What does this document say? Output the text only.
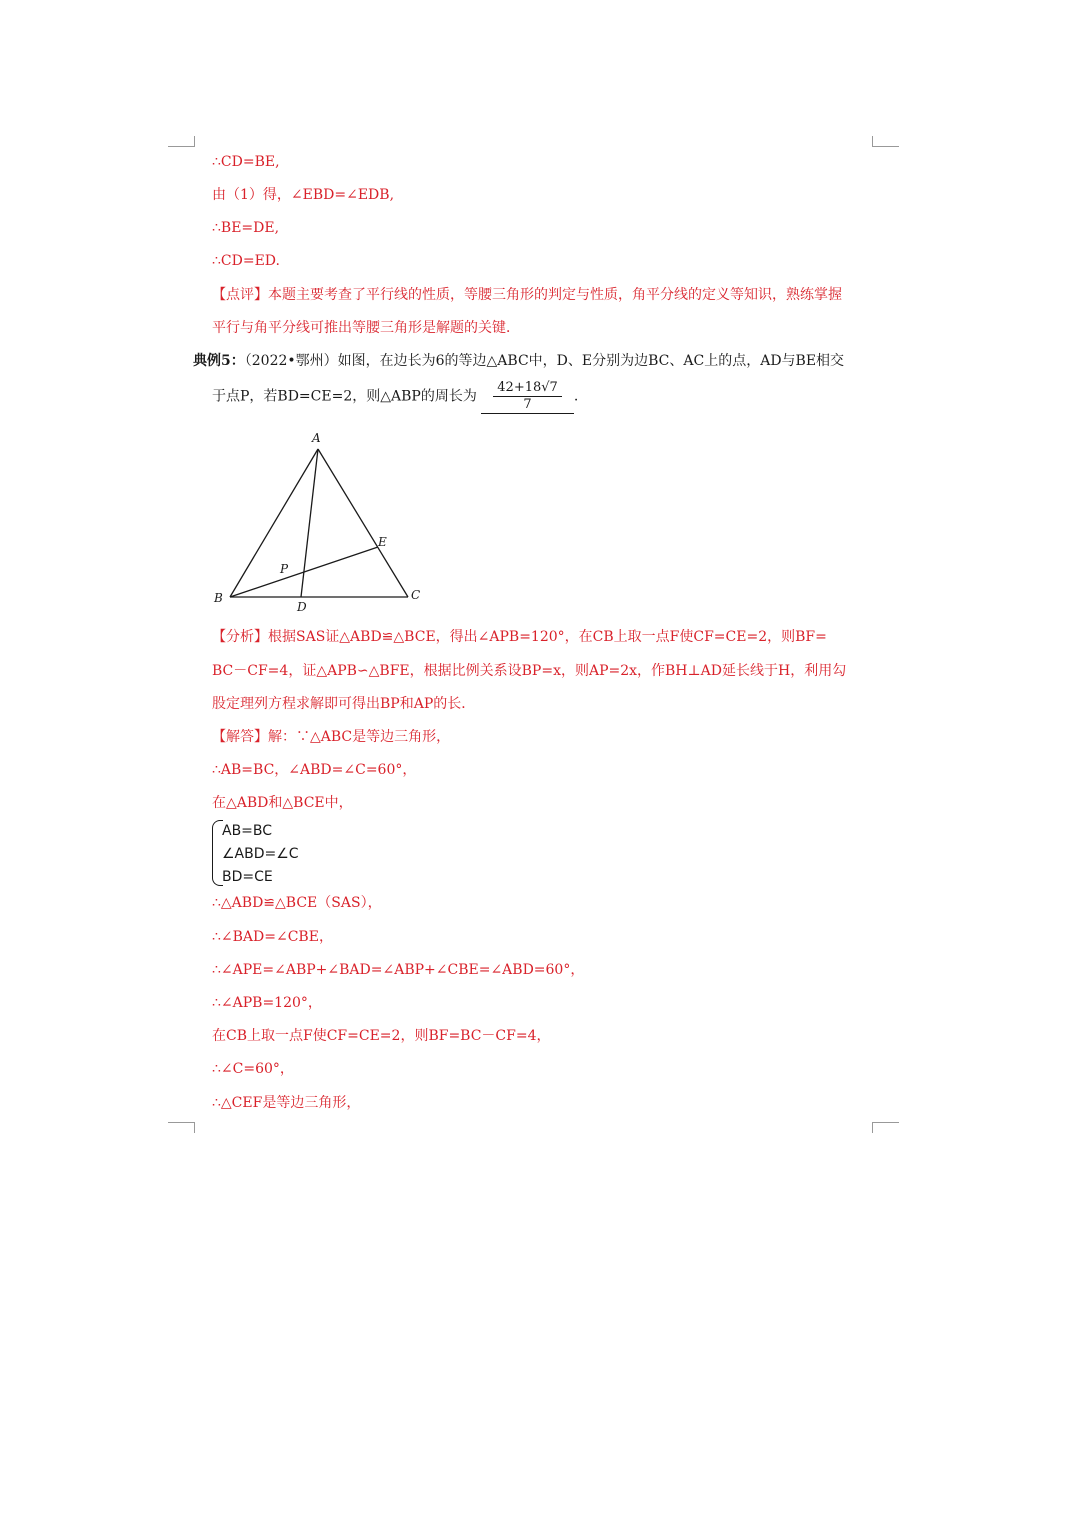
∴CD=BE,
由（1）得，∠EBD=∠EDB,
∴BE=DE,
∴CD=ED.
【点评】本题主要考查了平行线的性质，等腰三角形的判定与性质，角平分线的定义等知识，熟练掌握
平行与角平分线可推出等腰三角形是解题的关键．
典例5：（2022•鄂州）如图，在边长为6的等边△ABC中，D、E分别为边BC、AC上的点，AD与BE相交
于点P，若BD=CE=2，则△ABP的周长为 $\frac{42+18√7}{7}$ .
A
B	C
D
E
P
【分析】根据SAS证△ABD≌△BCE，得出∠APB=120°，在CB上取一点F使CF=CE=2，则BF=
BC－CF=4，证△APB∽△BFE，根据比例关系设BP=x，则AP=2x，作BH⊥AD延长线于H，利用勾
股定理列方程求解即可得出BP和AP的长．
【解答】解：∵△ABC是等边三角形，
∴AB=BC，∠ABD=∠C=60°，
在△ABD和△BCE中，
AB=BC
∠ABD=∠C
BD=CE
∴△ABD≌△BCE（SAS），
∴∠BAD=∠CBE，
∴∠APE=∠ABP+∠BAD=∠ABP+∠CBE=∠ABD=60°，
∴∠APB=120°，
在CB上取一点F使CF=CE=2，则BF=BC－CF=4，
∴∠C=60°，
∴△CEF是等边三角形，
